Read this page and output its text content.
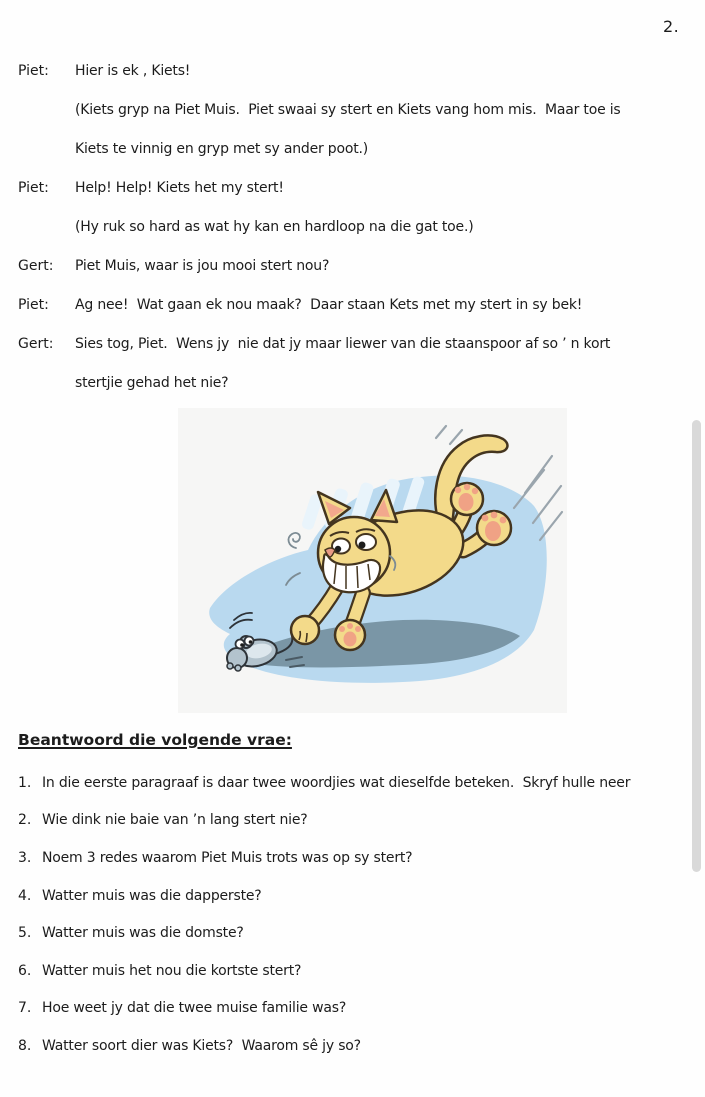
2.
Piet:	Hier is ek , Kiets!
(Kiets gryp na Piet Muis.  Piet swaai sy stert en Kiets vang hom mis.  Maar toe is
Kiets te vinnig en gryp met sy ander poot.)
Piet:	Help! Help! Kiets het my stert!
(Hy ruk so hard as wat hy kan en hardloop na die gat toe.)
Gert:	Piet Muis, waar is jou mooi stert nou?
Piet:	Ag nee!  Wat gaan ek nou maak?  Daar staan Kets met my stert in sy bek!
Gert:	Sies tog, Piet.  Wens jy  nie dat jy maar liewer van die staanspoor af so ’ n kort
stertjie gehad het nie?
Beantwoord die volgende vrae:
1. In die eerste paragraaf is daar twee woordjies wat dieselfde beteken.  Skryf hulle neer
2. Wie dink nie baie van ’n lang stert nie?
3. Noem 3 redes waarom Piet Muis trots was op sy stert?
4. Watter muis was die dapperste?
5. Watter muis was die domste?
6. Watter muis het nou die kortste stert?
7. Hoe weet jy dat die twee muise familie was?
8. Watter soort dier was Kiets?  Waarom sê jy so?
